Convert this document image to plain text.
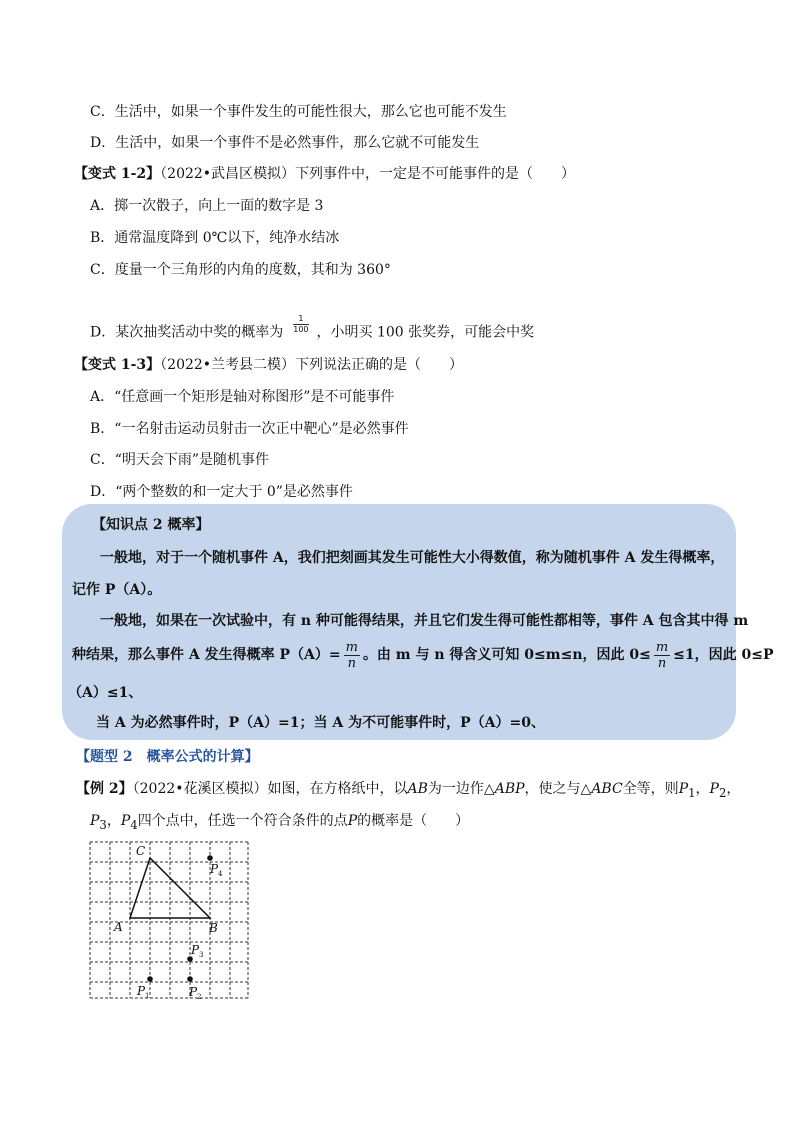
C．生活中，如果一个事件发生的可能性很大，那么它也可能不发生
D．生活中，如果一个事件不是必然事件，那么它就不可能发生
【变式 1-2】（2022•武昌区模拟）下列事件中，一定是不可能事件的是（　　）
A．掷一次骰子，向上一面的数字是 3
B．通常温度降到 0℃以下，纯净水结冰
C．度量一个三角形的内角的度数，其和为 360°
D．某次抽奖活动中奖的概率为 $\frac{1}{100}$ ，小明买 100 张奖券，可能会中奖
【变式 1-3】（2022•兰考县二模）下列说法正确的是（　　）
A．“任意画一个矩形是轴对称图形”是不可能事件
B．“一名射击运动员射击一次正中靶心”是必然事件
C．“明天会下雨”是随机事件
D．“两个整数的和一定大于 0”是必然事件
【知识点 2 概率】
一般地，对于一个随机事件 A，我们把刻画其发生可能性大小得数值，称为随机事件 A 发生得概率，
记作 P（A）。
一般地，如果在一次试验中，有 n 种可能得结果，并且它们发生得可能性都相等，事件 A 包含其中得 m
种结果，那么事件 A 发生得概率 $P(A)= \frac{m}{n}$ 。由 m 与 n 得含义可知 0≤m≤n，因此 $0\le \frac{m}{n} \le 1$，因此 0≤P
（A）≤1、
当 A 为必然事件时，P（A）=1；当 A 为不可能事件时，P（A）=0、
【题型 2　概率公式的计算】
【例 2】（2022•花溪区模拟）如图，在方格纸中，以AB为一边作△ABP，使之与△ABC全等，则$P_1$，$P_2$，
$P_3$，$P_4$四个点中，任选一个符合条件的点P的概率是（　　）
A	B
C
P 4
P 3
P 1	P 2
